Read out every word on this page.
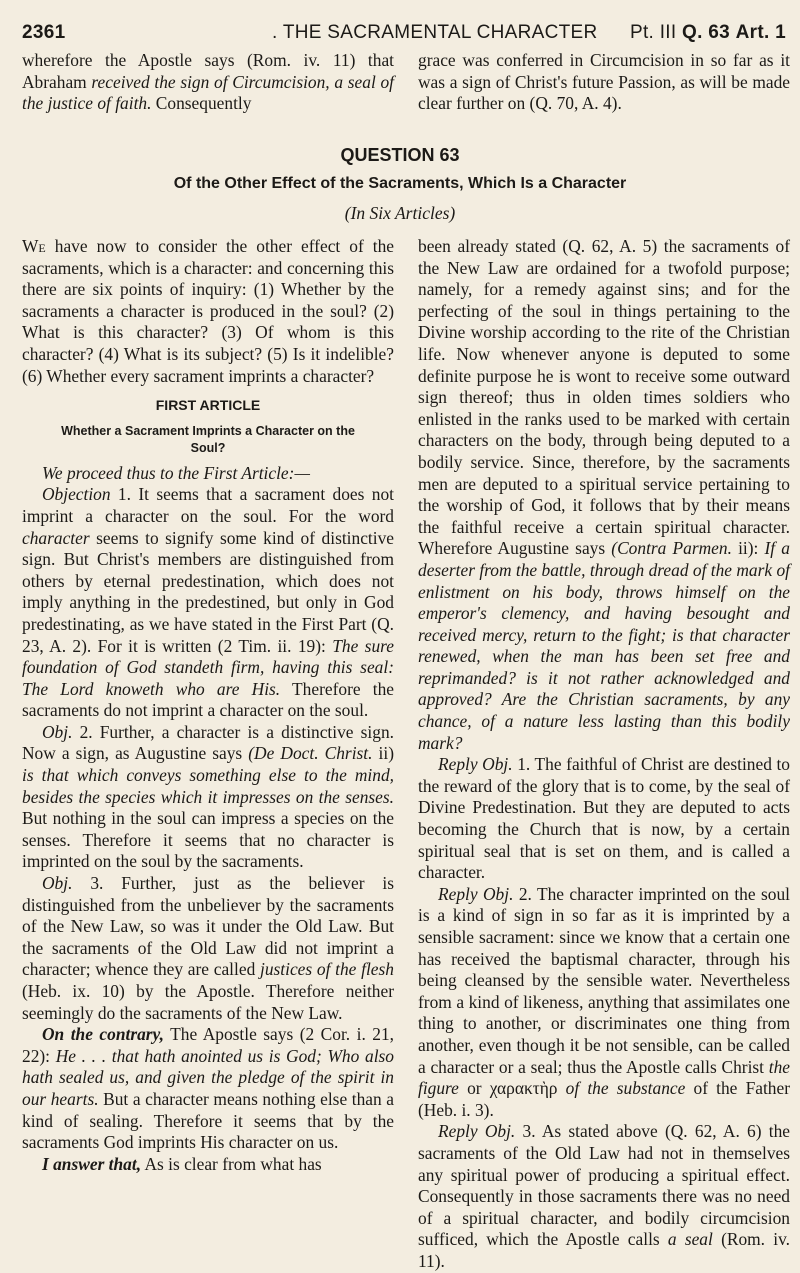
2361	. THE SACRAMENTAL CHARACTER Pt. III Q. 63 Art. 1

wherefore the Apostle says (Rom. iv. 11) that Abraham received the sign of Circumcision, a seal of the justice of faith. Consequently

grace was conferred in Circumcision in so far as it was a sign of Christ's future Passion, as will be made clear further on (Q. 70, A. 4).

QUESTION 63
Of the Other Effect of the Sacraments, Which Is a Character
(In Six Articles)

We have now to consider the other effect of the sacraments, which is a character: and concerning this there are six points of inquiry: (1) Whether by the sacraments a character is produced in the soul? (2) What is this character? (3) Of whom is this character? (4) What is its subject? (5) Is it indelible? (6) Whether every sacrament imprints a character?

FIRST ARTICLE
Whether a Sacrament Imprints a Character on the Soul?

We proceed thus to the First Article:—

Objection 1. It seems that a sacrament does not imprint a character on the soul. For the word character seems to signify some kind of distinctive sign. But Christ's members are distinguished from others by eternal predestination, which does not imply anything in the predestined, but only in God predestinating, as we have stated in the First Part (Q. 23, A. 2). For it is written (2 Tim. ii. 19): The sure foundation of God standeth firm, having this seal: The Lord knoweth who are His. Therefore the sacraments do not imprint a character on the soul.

Obj. 2. Further, a character is a distinctive sign. Now a sign, as Augustine says (De Doct. Christ. ii) is that which conveys something else to the mind, besides the species which it impresses on the senses. But nothing in the soul can impress a species on the senses. Therefore it seems that no character is imprinted on the soul by the sacraments.

Obj. 3. Further, just as the believer is distinguished from the unbeliever by the sacraments of the New Law, so was it under the Old Law. But the sacraments of the Old Law did not imprint a character; whence they are called justices of the flesh (Heb. ix. 10) by the Apostle. Therefore neither seemingly do the sacraments of the New Law.

On the contrary, The Apostle says (2 Cor. i. 21, 22): He . . . that hath anointed us is God; Who also hath sealed us, and given the pledge of the spirit in our hearts. But a character means nothing else than a kind of sealing. Therefore it seems that by the sacraments God imprints His character on us.

I answer that, As is clear from what has

been already stated (Q. 62, A. 5) the sacraments of the New Law are ordained for a twofold purpose; namely, for a remedy against sins; and for the perfecting of the soul in things pertaining to the Divine worship according to the rite of the Christian life. Now whenever anyone is deputed to some definite purpose he is wont to receive some outward sign thereof; thus in olden times soldiers who enlisted in the ranks used to be marked with certain characters on the body, through being deputed to a bodily service. Since, therefore, by the sacraments men are deputed to a spiritual service pertaining to the worship of God, it follows that by their means the faithful receive a certain spiritual character. Wherefore Augustine says (Contra Parmen. ii): If a deserter from the battle, through dread of the mark of enlistment on his body, throws himself on the emperor's clemency, and having besought and received mercy, return to the fight; is that character renewed, when the man has been set free and reprimanded? is it not rather acknowledged and approved? Are the Christian sacraments, by any chance, of a nature less lasting than this bodily mark?

Reply Obj. 1. The faithful of Christ are destined to the reward of the glory that is to come, by the seal of Divine Predestination. But they are deputed to acts becoming the Church that is now, by a certain spiritual seal that is set on them, and is called a character.

Reply Obj. 2. The character imprinted on the soul is a kind of sign in so far as it is imprinted by a sensible sacrament: since we know that a certain one has received the baptismal character, through his being cleansed by the sensible water. Nevertheless from a kind of likeness, anything that assimilates one thing to another, or discriminates one thing from another, even though it be not sensible, can be called a character or a seal; thus the Apostle calls Christ the figure or χαρακτὴρ of the substance of the Father (Heb. i. 3).

Reply Obj. 3. As stated above (Q. 62, A. 6) the sacraments of the Old Law had not in themselves any spiritual power of producing a spiritual effect. Consequently in those sacraments there was no need of a spiritual character, and bodily circumcision sufficed, which the Apostle calls a seal (Rom. iv. 11).
